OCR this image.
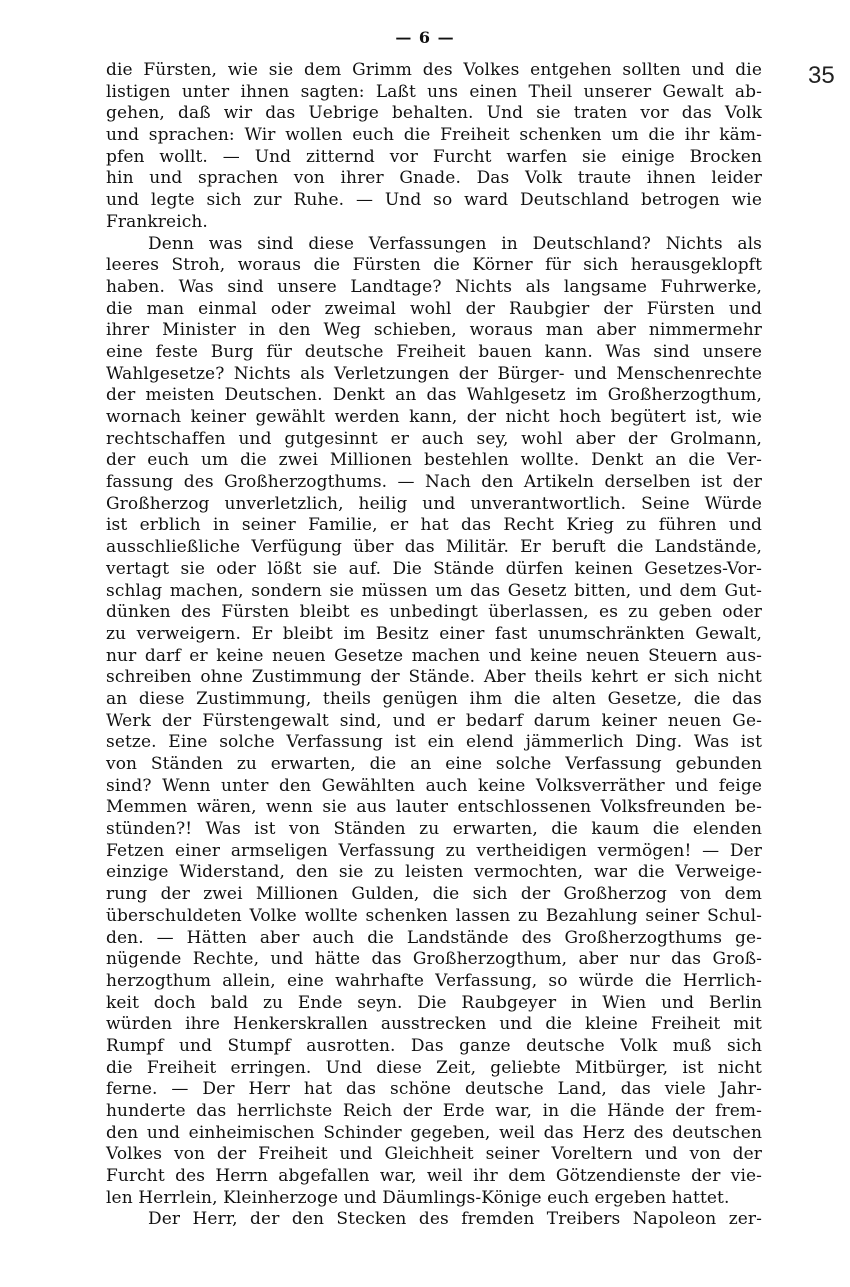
— 6 —
35
die Fürsten, wie sie dem Grimm des Volkes entgehen sollten und die
listigen unter ihnen sagten: Laßt uns einen Theil unserer Gewalt ab-
gehen, daß wir das Uebrige behalten. Und sie traten vor das Volk
und sprachen: Wir wollen euch die Freiheit schenken um die ihr käm-
pfen wollt. — Und zitternd vor Furcht warfen sie einige Brocken
hin und sprachen von ihrer Gnade. Das Volk traute ihnen leider
und legte sich zur Ruhe. — Und so ward Deutschland betrogen wie
Frankreich.
Denn was sind diese Verfassungen in Deutschland? Nichts als
leeres Stroh, woraus die Fürsten die Körner für sich herausgeklopft
haben. Was sind unsere Landtage? Nichts als langsame Fuhrwerke,
die man einmal oder zweimal wohl der Raubgier der Fürsten und
ihrer Minister in den Weg schieben, woraus man aber nimmermehr
eine feste Burg für deutsche Freiheit bauen kann. Was sind unsere
Wahlgesetze? Nichts als Verletzungen der Bürger- und Menschenrechte
der meisten Deutschen. Denkt an das Wahlgesetz im Großherzogthum,
wornach keiner gewählt werden kann, der nicht hoch begütert ist, wie
rechtschaffen und gutgesinnt er auch sey, wohl aber der Grolmann,
der euch um die zwei Millionen bestehlen wollte. Denkt an die Ver-
fassung des Großherzogthums. — Nach den Artikeln derselben ist der
Großherzog unverletzlich, heilig und unverantwortlich. Seine Würde
ist erblich in seiner Familie, er hat das Recht Krieg zu führen und
ausschließliche Verfügung über das Militär. Er beruft die Landstände,
vertagt sie oder lößt sie auf. Die Stände dürfen keinen Gesetzes-Vor-
schlag machen, sondern sie müssen um das Gesetz bitten, und dem Gut-
dünken des Fürsten bleibt es unbedingt überlassen, es zu geben oder
zu verweigern. Er bleibt im Besitz einer fast unumschränkten Gewalt,
nur darf er keine neuen Gesetze machen und keine neuen Steuern aus-
schreiben ohne Zustimmung der Stände. Aber theils kehrt er sich nicht
an diese Zustimmung, theils genügen ihm die alten Gesetze, die das
Werk der Fürstengewalt sind, und er bedarf darum keiner neuen Ge-
setze. Eine solche Verfassung ist ein elend jämmerlich Ding. Was ist
von Ständen zu erwarten, die an eine solche Verfassung gebunden
sind? Wenn unter den Gewählten auch keine Volksverräther und feige
Memmen wären, wenn sie aus lauter entschlossenen Volksfreunden be-
stünden?! Was ist von Ständen zu erwarten, die kaum die elenden
Fetzen einer armseligen Verfassung zu vertheidigen vermögen! — Der
einzige Widerstand, den sie zu leisten vermochten, war die Verweige-
rung der zwei Millionen Gulden, die sich der Großherzog von dem
überschuldeten Volke wollte schenken lassen zu Bezahlung seiner Schul-
den. — Hätten aber auch die Landstände des Großherzogthums ge-
nügende Rechte, und hätte das Großherzogthum, aber nur das Groß-
herzogthum allein, eine wahrhafte Verfassung, so würde die Herrlich-
keit doch bald zu Ende seyn. Die Raubgeyer in Wien und Berlin
würden ihre Henkerskrallen ausstrecken und die kleine Freiheit mit
Rumpf und Stumpf ausrotten. Das ganze deutsche Volk muß sich
die Freiheit erringen. Und diese Zeit, geliebte Mitbürger, ist nicht
ferne. — Der Herr hat das schöne deutsche Land, das viele Jahr-
hunderte das herrlichste Reich der Erde war, in die Hände der frem-
den und einheimischen Schinder gegeben, weil das Herz des deutschen
Volkes von der Freiheit und Gleichheit seiner Voreltern und von der
Furcht des Herrn abgefallen war, weil ihr dem Götzendienste der vie-
len Herrlein, Kleinherzoge und Däumlings-Könige euch ergeben hattet.
Der Herr, der den Stecken des fremden Treibers Napoleon zer-
